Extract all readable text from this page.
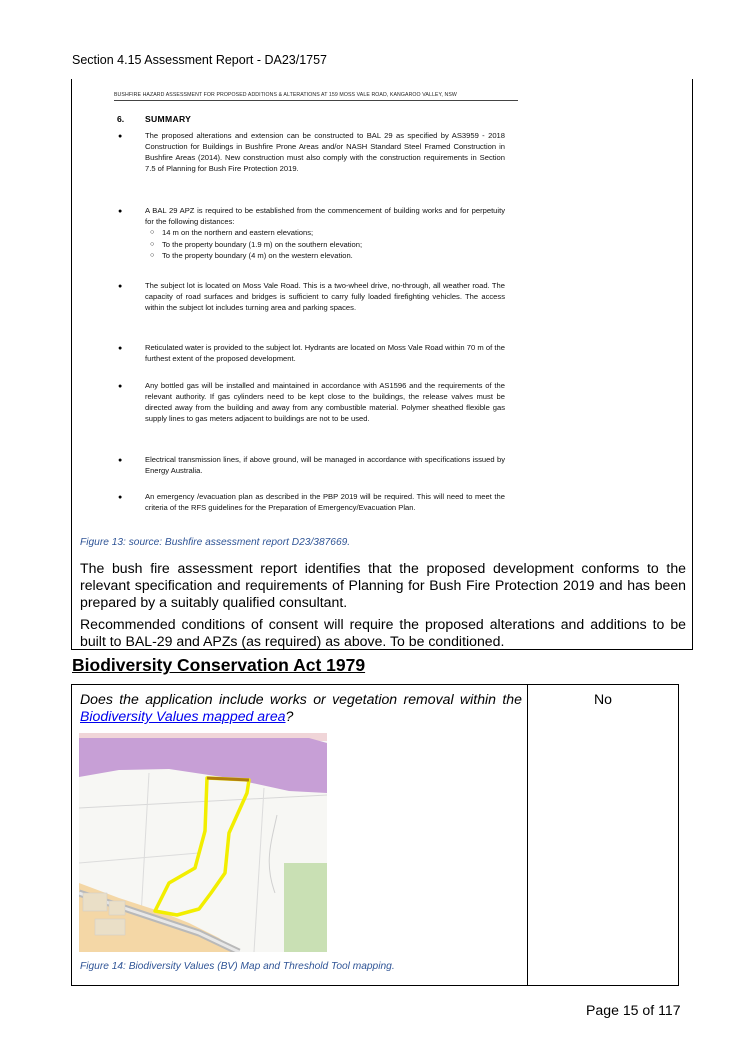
Section 4.15 Assessment Report - DA23/1757
BUSHFIRE HAZARD ASSESSMENT FOR PROPOSED ADDITIONS & ALTERATIONS AT 159 MOSS VALE ROAD, KANGAROO VALLEY, NSW
6. SUMMARY
●	The proposed alterations and extension can be constructed to BAL 29 as specified by AS3959 - 2018 Construction for Buildings in Bushfire Prone Areas and/or NASH Standard Steel Framed Construction in Bushfire Areas (2014). New construction must also comply with the construction requirements in Section 7.5 of Planning for Bush Fire Protection 2019.
●	A BAL 29 APZ is required to be established from the commencement of building works and for perpetuity for the following distances:
○ 14 m on the northern and eastern elevations;
○ To the property boundary (1.9 m) on the southern elevation;
○ To the property boundary (4 m) on the western elevation.
●	The subject lot is located on Moss Vale Road. This is a two-wheel drive, no-through, all weather road. The capacity of road surfaces and bridges is sufficient to carry fully loaded firefighting vehicles. The access within the subject lot includes turning area and parking spaces.
●	Reticulated water is provided to the subject lot. Hydrants are located on Moss Vale Road within 70 m of the furthest extent of the proposed development.
●	Any bottled gas will be installed and maintained in accordance with AS1596 and the requirements of the relevant authority. If gas cylinders need to be kept close to the buildings, the release valves must be directed away from the building and away from any combustible material. Polymer sheathed flexible gas supply lines to gas meters adjacent to buildings are not to be used.
●	Electrical transmission lines, if above ground, will be managed in accordance with specifications issued by Energy Australia.
●	An emergency /evacuation plan as described in the PBP 2019 will be required. This will need to meet the criteria of the RFS guidelines for the Preparation of Emergency/Evacuation Plan.
Figure 13: source: Bushfire assessment report D23/387669.
The bush fire assessment report identifies that the proposed development conforms to the relevant specification and requirements of Planning for Bush Fire Protection 2019 and has been prepared by a suitably qualified consultant.
Recommended conditions of consent will require the proposed alterations and additions to be built to BAL-29 and APZs (as required) as above. To be conditioned.
Biodiversity Conservation Act 1979
Does the application include works or vegetation removal within the Biodiversity Values mapped area?
No
Figure 14: Biodiversity Values (BV) Map and Threshold Tool mapping.
Page 15 of 117
